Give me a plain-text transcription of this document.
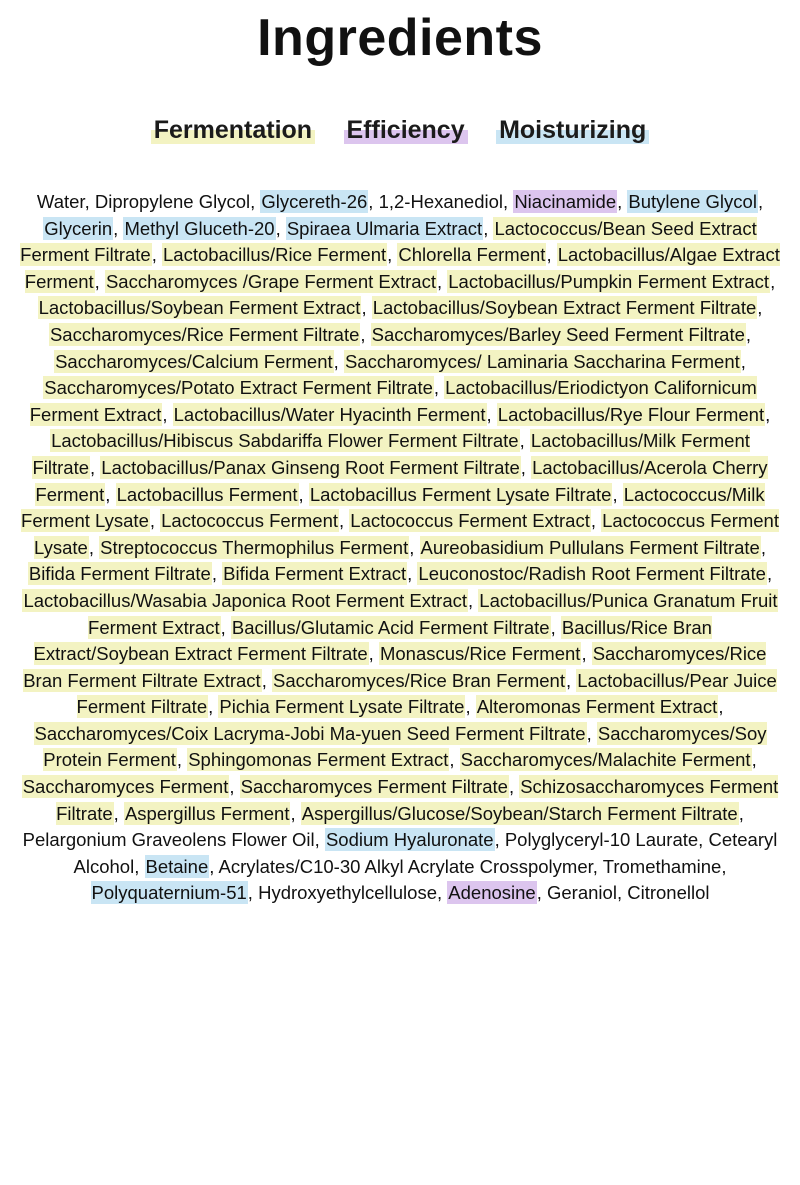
Ingredients
Fermentation Efficiency Moisturizing

Water, Dipropylene Glycol, Glycereth-26, 1,2-Hexanediol, Niacinamide, Butylene Glycol, Glycerin, Methyl Gluceth-20, Spiraea Ulmaria Extract, Lactococcus/Bean Seed Extract Ferment Filtrate, Lactobacillus/Rice Ferment, Chlorella Ferment, Lactobacillus/Algae Extract Ferment, Saccharomyces /Grape Ferment Extract, Lactobacillus/Pumpkin Ferment Extract, Lactobacillus/Soybean Ferment Extract, Lactobacillus/Soybean Extract Ferment Filtrate, Saccharomyces/Rice Ferment Filtrate, Saccharomyces/Barley Seed Ferment Filtrate, Saccharomyces/Calcium Ferment, Saccharomyces/ Laminaria Saccharina Ferment, Saccharomyces/Potato Extract Ferment Filtrate, Lactobacillus/Eriodictyon Californicum Ferment Extract, Lactobacillus/Water Hyacinth Ferment, Lactobacillus/Rye Flour Ferment, Lactobacillus/Hibiscus Sabdariffa Flower Ferment Filtrate, Lactobacillus/Milk Ferment Filtrate, Lactobacillus/Panax Ginseng Root Ferment Filtrate, Lactobacillus/Acerola Cherry Ferment, Lactobacillus Ferment, Lactobacillus Ferment Lysate Filtrate, Lactococcus/Milk Ferment Lysate, Lactococcus Ferment, Lactococcus Ferment Extract, Lactococcus Ferment Lysate, Streptococcus Thermophilus Ferment, Aureobasidium Pullulans Ferment Filtrate, Bifida Ferment Filtrate, Bifida Ferment Extract, Leuconostoc/Radish Root Ferment Filtrate, Lactobacillus/Wasabia Japonica Root Ferment Extract, Lactobacillus/Punica Granatum Fruit Ferment Extract, Bacillus/Glutamic Acid Ferment Filtrate, Bacillus/Rice Bran Extract/Soybean Extract Ferment Filtrate, Monascus/Rice Ferment, Saccharomyces/Rice Bran Ferment Filtrate Extract, Saccharomyces/Rice Bran Ferment, Lactobacillus/Pear Juice Ferment Filtrate, Pichia Ferment Lysate Filtrate, Alteromonas Ferment Extract, Saccharomyces/Coix Lacryma-Jobi Ma-yuen Seed Ferment Filtrate, Saccharomyces/Soy Protein Ferment, Sphingomonas Ferment Extract, Saccharomyces/Malachite Ferment, Saccharomyces Ferment, Saccharomyces Ferment Filtrate, Schizosaccharomyces Ferment Filtrate, Aspergillus Ferment, Aspergillus/Glucose/Soybean/Starch Ferment Filtrate, Pelargonium Graveolens Flower Oil, Sodium Hyaluronate, Polyglyceryl-10 Laurate, Cetearyl Alcohol, Betaine, Acrylates/C10-30 Alkyl Acrylate Crosspolymer, Tromethamine, Polyquaternium-51, Hydroxyethylcellulose, Adenosine, Geraniol, Citronellol
